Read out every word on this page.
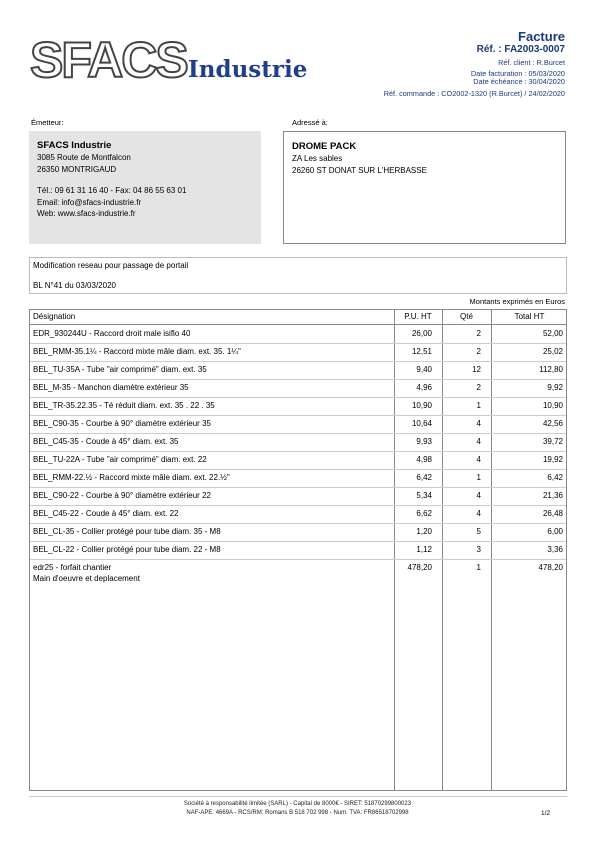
SFACS Industrie
Facture
Réf. : FA2003-0007
Réf. client : R.Burcet
Date facturation : 05/03/2020
Date échéance : 30/04/2020
Réf. commande : CO2002-1320 (R.Burcet) / 24/02/2020
Émetteur:
SFACS Industrie
3085 Route de Montfalcon
26350 MONTRIGAUD
Tél.: 09 61 31 16 40 - Fax: 04 86 55 63 01
Email: info@sfacs-industrie.fr
Web: www.sfacs-industrie.fr
Adressé à:
DROME PACK
ZA Les sables
26260 ST DONAT SUR L'HERBASSE
Modification reseau pour passage de portail
BL N°41 du 03/03/2020
Montants exprimés en Euros
Désignation	P.U. HT	Qté	Total HT
EDR_930244U - Raccord droit male isiflo 40	26,00	2	52,00
BEL_RMM-35.1¼ - Raccord mixte mâle diam. ext. 35. 1¼"	12,51	2	25,02
BEL_TU-35A - Tube "air comprimé" diam. ext. 35	9,40	12	112,80
BEL_M-35 - Manchon diamètre extérieur 35	4,96	2	9,92
BEL_TR-35.22.35 - Té réduit diam. ext. 35 . 22 . 35	10,90	1	10,90
BEL_C90-35 - Courbe à 90° diamètre extérieur 35	10,64	4	42,56
BEL_C45-35 - Coude à 45° diam. ext. 35	9,93	4	39,72
BEL_TU-22A - Tube "air comprimé" diam. ext. 22	4,98	4	19,92
BEL_RMM-22.½ - Raccord mixte mâle diam. ext. 22.½"	6,42	1	6,42
BEL_C90-22 - Courbe à 90° diamètre extérieur 22	5,34	4	21,36
BEL_C45-22 - Coude à 45° diam. ext. 22	6,62	4	26,48
BEL_CL-35 - Collier protégé pour tube diam. 35 - M8	1,20	5	6,00
BEL_CL-22 - Collier protégé pour tube diam. 22 - M8	1,12	3	3,36
edr25 - forfait chantier
Main d'oeuvre et deplacement
478,20	1	478,20
Société à responsabilité limitée (SARL) - Capital de 8000€ - SIRET: 51870299800023
NAF-APE: 4669A - RCS/RM: Romans B 518 702 998 - Num. TVA: FR86518702998	1/2
